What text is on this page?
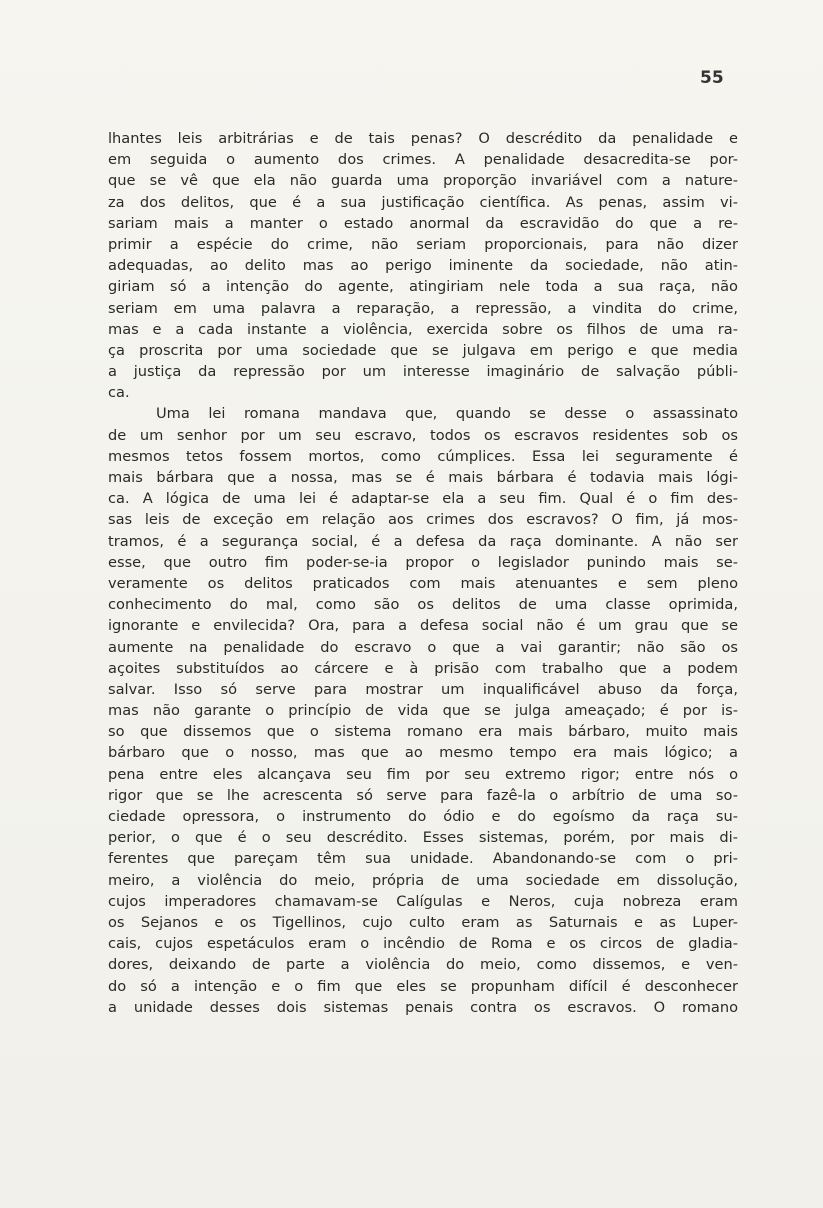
55
lhantes leis arbitrárias e de tais penas? O descrédito da penalidade e
em seguida o aumento dos crimes. A penalidade desacredita-se por-
que se vê que ela não guarda uma proporção invariável com a nature-
za dos delitos, que é a sua justificação científica. As penas, assim vi-
sariam mais a manter o estado anormal da escravidão do que a re-
primir a espécie do crime, não seriam proporcionais, para não dizer
adequadas, ao delito mas ao perigo iminente da sociedade, não atin-
giriam só a intenção do agente, atingiriam nele toda a sua raça, não
seriam em uma palavra a reparação, a repressão, a vindita do crime,
mas e a cada instante a violência, exercida sobre os filhos de uma ra-
ça proscrita por uma sociedade que se julgava em perigo e que media
a justiça da repressão por um interesse imaginário de salvação públi-
ca.
Uma lei romana mandava que, quando se desse o assassinato
de um senhor por um seu escravo, todos os escravos residentes sob os
mesmos tetos fossem mortos, como cúmplices. Essa lei seguramente é
mais bárbara que a nossa, mas se é mais bárbara é todavia mais lógi-
ca. A lógica de uma lei é adaptar-se ela a seu fim. Qual é o fim des-
sas leis de exceção em relação aos crimes dos escravos? O fim, já mos-
tramos, é a segurança social, é a defesa da raça dominante. A não ser
esse, que outro fim poder-se-ia propor o legislador punindo mais se-
veramente os delitos praticados com mais atenuantes e sem pleno
conhecimento do mal, como são os delitos de uma classe oprimida,
ignorante e envilecida? Ora, para a defesa social não é um grau que se
aumente na penalidade do escravo o que a vai garantir; não são os
açoites substituídos ao cárcere e à prisão com trabalho que a podem
salvar. Isso só serve para mostrar um inqualificável abuso da força,
mas não garante o princípio de vida que se julga ameaçado; é por is-
so que dissemos que o sistema romano era mais bárbaro, muito mais
bárbaro que o nosso, mas que ao mesmo tempo era mais lógico; a
pena entre eles alcançava seu fim por seu extremo rigor; entre nós o
rigor que se lhe acrescenta só serve para fazê-la o arbítrio de uma so-
ciedade opressora, o instrumento do ódio e do egoísmo da raça su-
perior, o que é o seu descrédito. Esses sistemas, porém, por mais di-
ferentes que pareçam têm sua unidade. Abandonando-se com o pri-
meiro, a violência do meio, própria de uma sociedade em dissolução,
cujos imperadores chamavam-se Calígulas e Neros, cuja nobreza eram
os Sejanos e os Tigellinos, cujo culto eram as Saturnais e as Luper-
cais, cujos espetáculos eram o incêndio de Roma e os circos de gladia-
dores, deixando de parte a violência do meio, como dissemos, e ven-
do só a intenção e o fim que eles se propunham difícil é desconhecer
a unidade desses dois sistemas penais contra os escravos. O romano
